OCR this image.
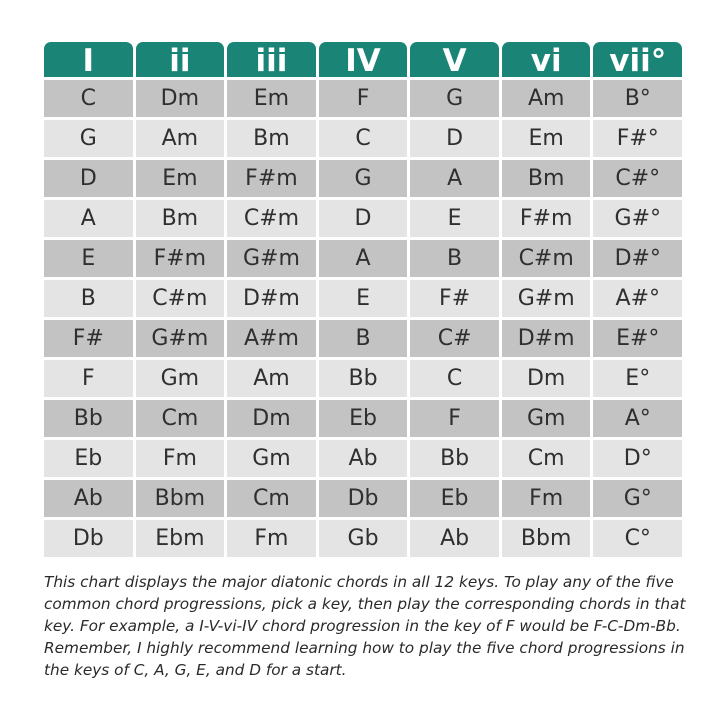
I	ii	iii	IV	V	vi	vii°
C	Dm	Em	F	G	Am	B°
G	Am	Bm	C	D	Em	F#°
D	Em	F#m	G	A	Bm	C#°
A	Bm	C#m	D	E	F#m	G#°
E	F#m	G#m	A	B	C#m	D#°
B	C#m	D#m	E	F#	G#m	A#°
F#	G#m	A#m	B	C#	D#m	E#°
F	Gm	Am	Bb	C	Dm	E°
Bb	Cm	Dm	Eb	F	Gm	A°
Eb	Fm	Gm	Ab	Bb	Cm	D°
Ab	Bbm	Cm	Db	Eb	Fm	G°
Db	Ebm	Fm	Gb	Ab	Bbm	C°

This chart displays the major diatonic chords in all 12 keys. To play any of the five common chord progressions, pick a key, then play the corresponding chords in that key. For example, a I-V-vi-IV chord progression in the key of F would be F-C-Dm-Bb. Remember, I highly recommend learning how to play the five chord progressions in the keys of C, A, G, E, and D for a start.
